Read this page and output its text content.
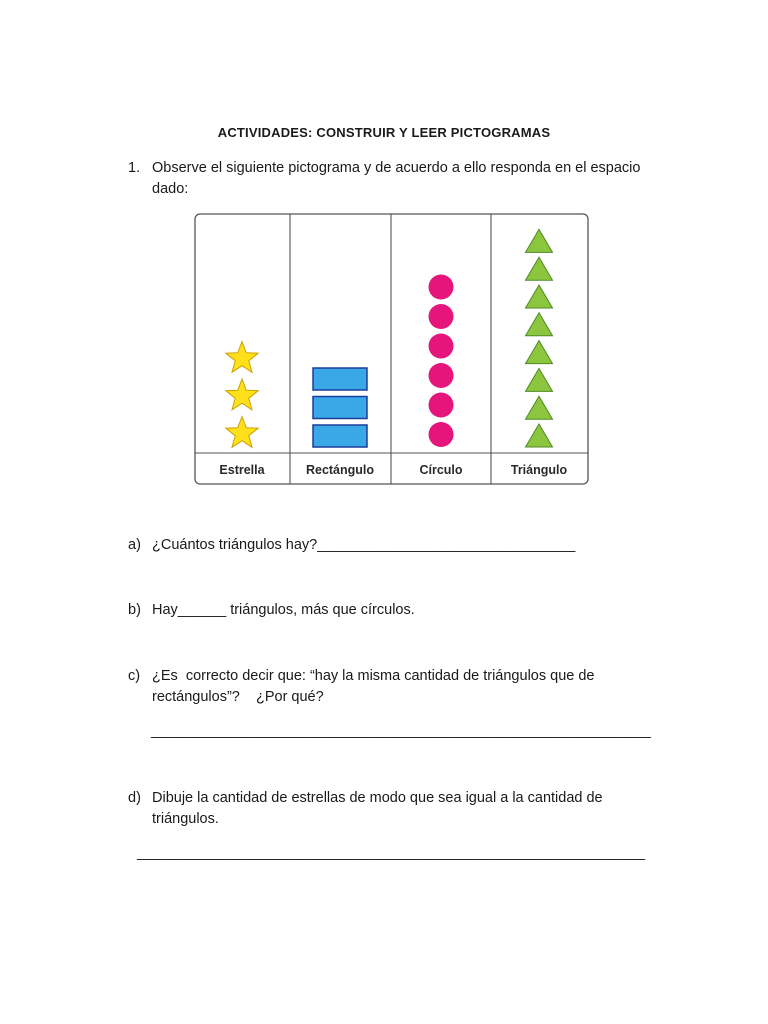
ACTIVIDADES: CONSTRUIR Y LEER PICTOGRAMAS
1. Observe el siguiente pictograma y de acuerdo a ello responda en el espacio
dado:
Estrella	Rectángulo	Círculo	Triángulo
a) ¿Cuántos triángulos hay?________________________________
b) Hay______ triángulos, más que círculos.
c) ¿Es  correcto decir que: “hay la misma cantidad de triángulos que de
rectángulos”?    ¿Por qué?
______________________________________________________________
d) Dibuje la cantidad de estrellas de modo que sea igual a la cantidad de
triángulos.
_______________________________________________________________
